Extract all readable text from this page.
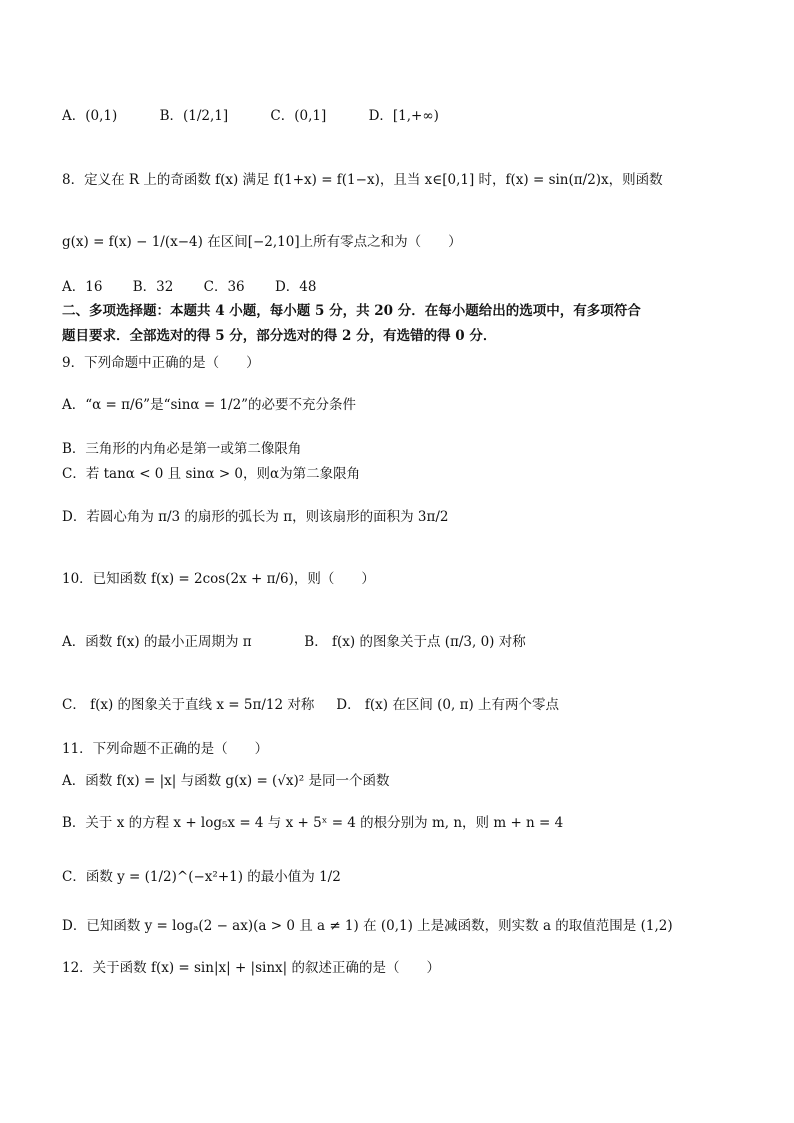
A．(0,1)	B．(1/2,1]	C．(0,1]	D．[1,+∞)
8．定义在 R 上的奇函数 f(x) 满足 f(1+x) = f(1−x)，且当 x∈[0,1] 时，f(x) = sin(π/2)x，则函数
g(x) = f(x) − 1/(x−4) 在区间[−2,10]上所有零点之和为（　　）
A．16 B．32 C．36 D．48
二、多项选择题：本题共 4 小题，每小题 5 分，共 20 分．在每小题给出的选项中，有多项符合
题目要求．全部选对的得 5 分，部分选对的得 2 分，有选错的得 0 分．
9．下列命题中正确的是（　　）
A．“α = π/6”是“sinα = 1/2”的必要不充分条件
B．三角形的内角必是第一或第二像限角
C．若 tanα < 0 且 sinα > 0，则α为第二象限角
D．若圆心角为 π/3 的扇形的弧长为 π，则该扇形的面积为 3π/2
10．已知函数 f(x) = 2cos(2x + π/6)，则（　　）
A．函数 f(x) 的最小正周期为 π	B． f(x) 的图象关于点 (π/3, 0) 对称
C． f(x) 的图象关于直线 x = 5π/12 对称 D． f(x) 在区间 (0, π) 上有两个零点
11．下列命题不正确的是（　　）
A．函数 f(x) = |x| 与函数 g(x) = (√x)² 是同一个函数
B．关于 x 的方程 x + log₅x = 4 与 x + 5ˣ = 4 的根分别为 m, n，则 m + n = 4
C．函数 y = (1/2)^(−x²+1) 的最小值为 1/2
D．已知函数 y = logₐ(2 − ax)(a > 0 且 a ≠ 1) 在 (0,1) 上是减函数，则实数 a 的取值范围是 (1,2)
12．关于函数 f(x) = sin|x| + |sinx| 的叙述正确的是（　　）
